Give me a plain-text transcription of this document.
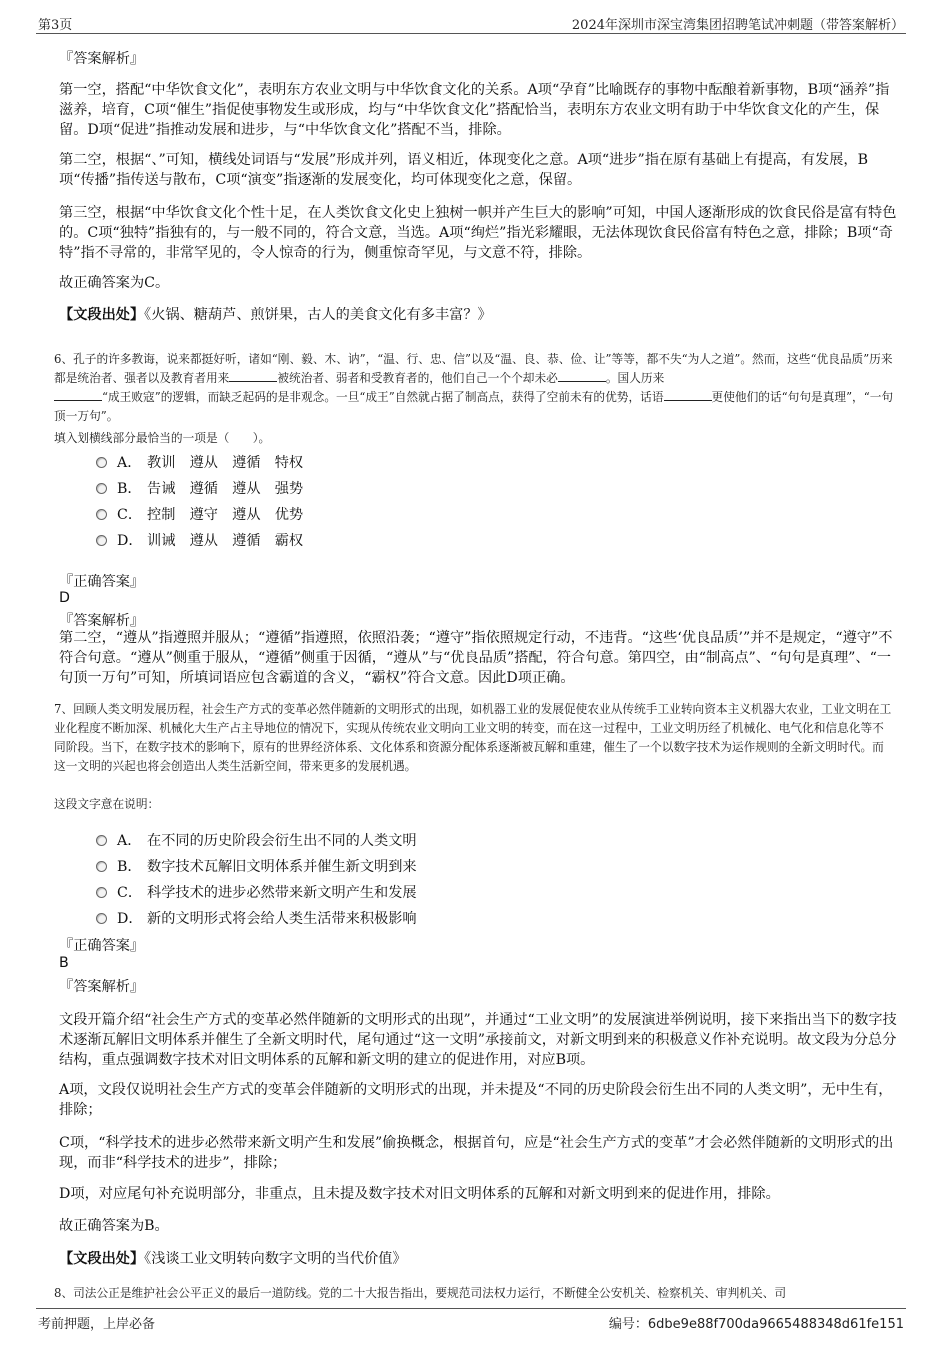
第3页	2024年深圳市深宝湾集团招聘笔试冲刺题（带答案解析）
『答案解析』
第一空，搭配“中华饮食文化”，表明东方农业文明与中华饮食文化的关系。A项“孕育”比喻既存的事物中酝酿着新事物，B项“涵养”指滋养，培育，C项“催生”指促使事物发生或形成，均与“中华饮食文化”搭配恰当，表明东方农业文明有助于中华饮食文化的产生，保留。D项“促进”指推动发展和进步，与“中华饮食文化”搭配不当，排除。
第二空，根据“、”可知，横线处词语与“发展”形成并列，语义相近，体现变化之意。A项“进步”指在原有基础上有提高，有发展，B项“传播”指传送与散布，C项“演变”指逐渐的发展变化，均可体现变化之意，保留。
第三空，根据“中华饮食文化个性十足，在人类饮食文化史上独树一帜并产生巨大的影响”可知，中国人逐渐形成的饮食民俗是富有特色的。C项“独特”指独有的，与一般不同的，符合文意，当选。A项“绚烂”指光彩耀眼，无法体现饮食民俗富有特色之意，排除；B项“奇特”指不寻常的，非常罕见的，令人惊奇的行为，侧重惊奇罕见，与文意不符，排除。
故正确答案为C。
【文段出处】《火锅、糖葫芦、煎饼果，古人的美食文化有多丰富？》
6、孔子的许多教诲，说来都挺好听，诸如“刚、毅、木、讷”，“温、行、忠、信”以及“温、良、恭、俭、让”等等，都不失“为人之道”。然而，这些“优良品质”历来都是统治者、强者以及教育者用来	被统治者、弱者和受教育者的，他们自己一个个却未必	。国人历来
“成王败寇”的逻辑，而缺乏起码的是非观念。一旦“成王”自然就占据了制高点，获得了空前未有的优势，话语	更使他们的话“句句是真理”，“一句顶一万句”。
填入划横线部分最恰当的一项是（　　）。
A． 教训　遵从　遵循　特权
B． 告诫　遵循　遵从　强势
C． 控制　遵守　遵从　优势
D． 训诫　遵从　遵循　霸权
『正确答案』
D
『答案解析』
第二空，“遵从”指遵照并服从；“遵循”指遵照，依照沿袭；“遵守”指依照规定行动，不违背。“这些‘优良品质’”并不是规定，“遵守”不符合句意。“遵从”侧重于服从，“遵循”侧重于因循，“遵从”与“优良品质”搭配，符合句意。第四空，由“制高点”、“句句是真理”、“一句顶一万句”可知，所填词语应包含霸道的含义，“霸权”符合文意。因此D项正确。
7、回顾人类文明发展历程，社会生产方式的变革必然伴随新的文明形式的出现，如机器工业的发展促使农业从传统手工业转向资本主义机器大农业，工业文明在工业化程度不断加深、机械化大生产占主导地位的情况下，实现从传统农业文明向工业文明的转变，而在这一过程中，工业文明历经了机械化、电气化和信息化等不同阶段。当下，在数字技术的影响下，原有的世界经济体系、文化体系和资源分配体系逐渐被瓦解和重建，催生了一个以数字技术为运作规则的全新文明时代。而这一文明的兴起也将会创造出人类生活新空间，带来更多的发展机遇。
这段文字意在说明：
A． 在不同的历史阶段会衍生出不同的人类文明
B． 数字技术瓦解旧文明体系并催生新文明到来
C． 科学技术的进步必然带来新文明产生和发展
D． 新的文明形式将会给人类生活带来积极影响
『正确答案』
B
『答案解析』
文段开篇介绍“社会生产方式的变革必然伴随新的文明形式的出现”，并通过“工业文明”的发展演进举例说明，接下来指出当下的数字技术逐渐瓦解旧文明体系并催生了全新文明时代，尾句通过“这一文明”承接前文，对新文明到来的积极意义作补充说明。故文段为分总分结构，重点强调数字技术对旧文明体系的瓦解和新文明的建立的促进作用，对应B项。
A项，文段仅说明社会生产方式的变革会伴随新的文明形式的出现，并未提及“不同的历史阶段会衍生出不同的人类文明”，无中生有，排除；
C项，“科学技术的进步必然带来新文明产生和发展”偷换概念，根据首句，应是“社会生产方式的变革”才会必然伴随新的文明形式的出现，而非“科学技术的进步”，排除；
D项，对应尾句补充说明部分，非重点，且未提及数字技术对旧文明体系的瓦解和对新文明到来的促进作用，排除。
故正确答案为B。
【文段出处】《浅谈工业文明转向数字文明的当代价值》
8、司法公正是维护社会公平正义的最后一道防线。党的二十大报告指出，要规范司法权力运行，不断健全公安机关、检察机关、审判机关、司
考前押题，上岸必备	编号：6dbe9e88f700da9665488348d61fe151
